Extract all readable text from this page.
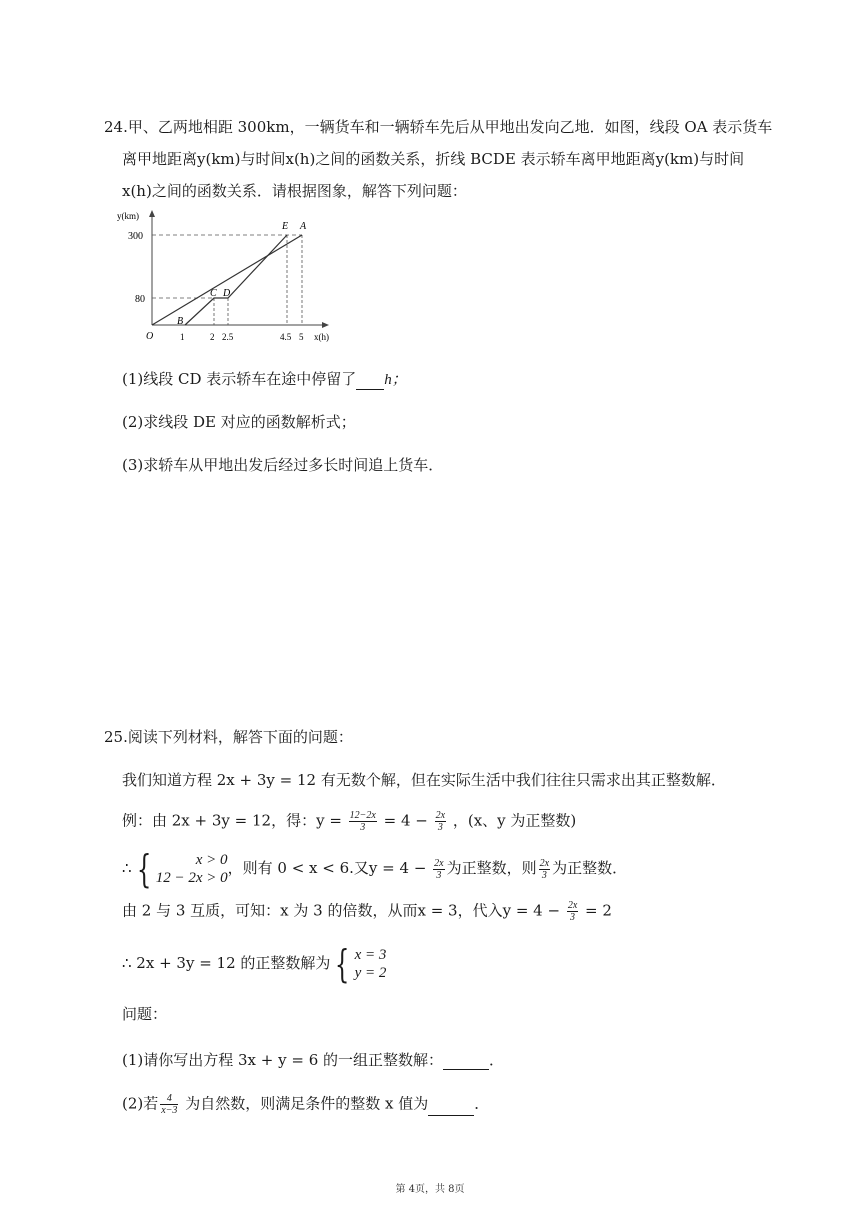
24.甲、乙两地相距 300km，一辆货车和一辆轿车先后从甲地出发向乙地．如图，线段 OA 表示货车
离甲地距离y(km)与时间x(h)之间的函数关系，折线 BCDE 表示轿车离甲地距离y(km)与时间
x(h)之间的函数关系．请根据图象，解答下列问题：
y(km)
300
80
O
B
C D
E A
1	2 2.5	4.5 5 x(h)
(1)线段 CD 表示轿车在途中停留了 h；
(2)求线段 DE 对应的函数解析式；
(3)求轿车从甲地出发后经过多长时间追上货车．
25.阅读下列材料，解答下面的问题：
我们知道方程 2x + 3y = 12 有无数个解，但在实际生活中我们往往只需求出其正整数解．
例：由 2x + 3y = 12，得：$y = \frac{12-2x}{3} = 4 - \frac{2x}{3}$ ，(x、y 为正整数)
∴ {	x > 0
12 − 2x > 0
，则有 0 < x < 6.又$y = 4 - \frac{2x}{3}$ 为正整数，则 $\frac{2x}{3}$ 为正整数．
由 2 与 3 互质，可知：x 为 3 的倍数，从而x = 3，代入$y = 4 - \frac{2x}{3} = 2$
∴ 2x + 3y = 12 的正整数解为 { x = 3
y = 2
问题：
(1)请你写出方程 3x + y = 6 的一组正整数解：	．
(2)若 $\frac{4}{x-3}$ 为自然数，则满足条件的整数 x 值为	．
第 4页，共 8页
